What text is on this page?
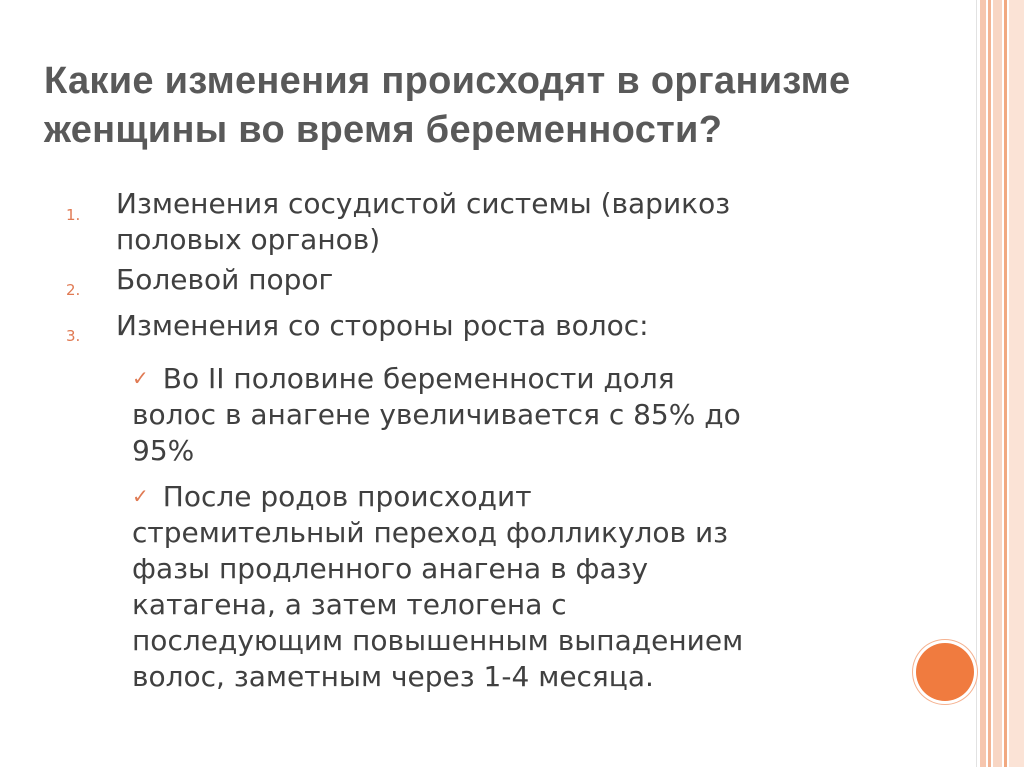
Какие изменения происходят в организме
женщины во время беременности?
1. Изменения сосудистой системы (варикоз
половых органов)
2. Болевой порог
3. Изменения со стороны роста волос:
✓ Во II половине беременности доля
волос в анагене увеличивается с 85% до
95%
✓ После родов происходит
стремительный переход фолликулов из
фазы продленного анагена в фазу
катагена, а затем телогена с
последующим повышенным выпадением
волос, заметным через 1-4 месяца.
